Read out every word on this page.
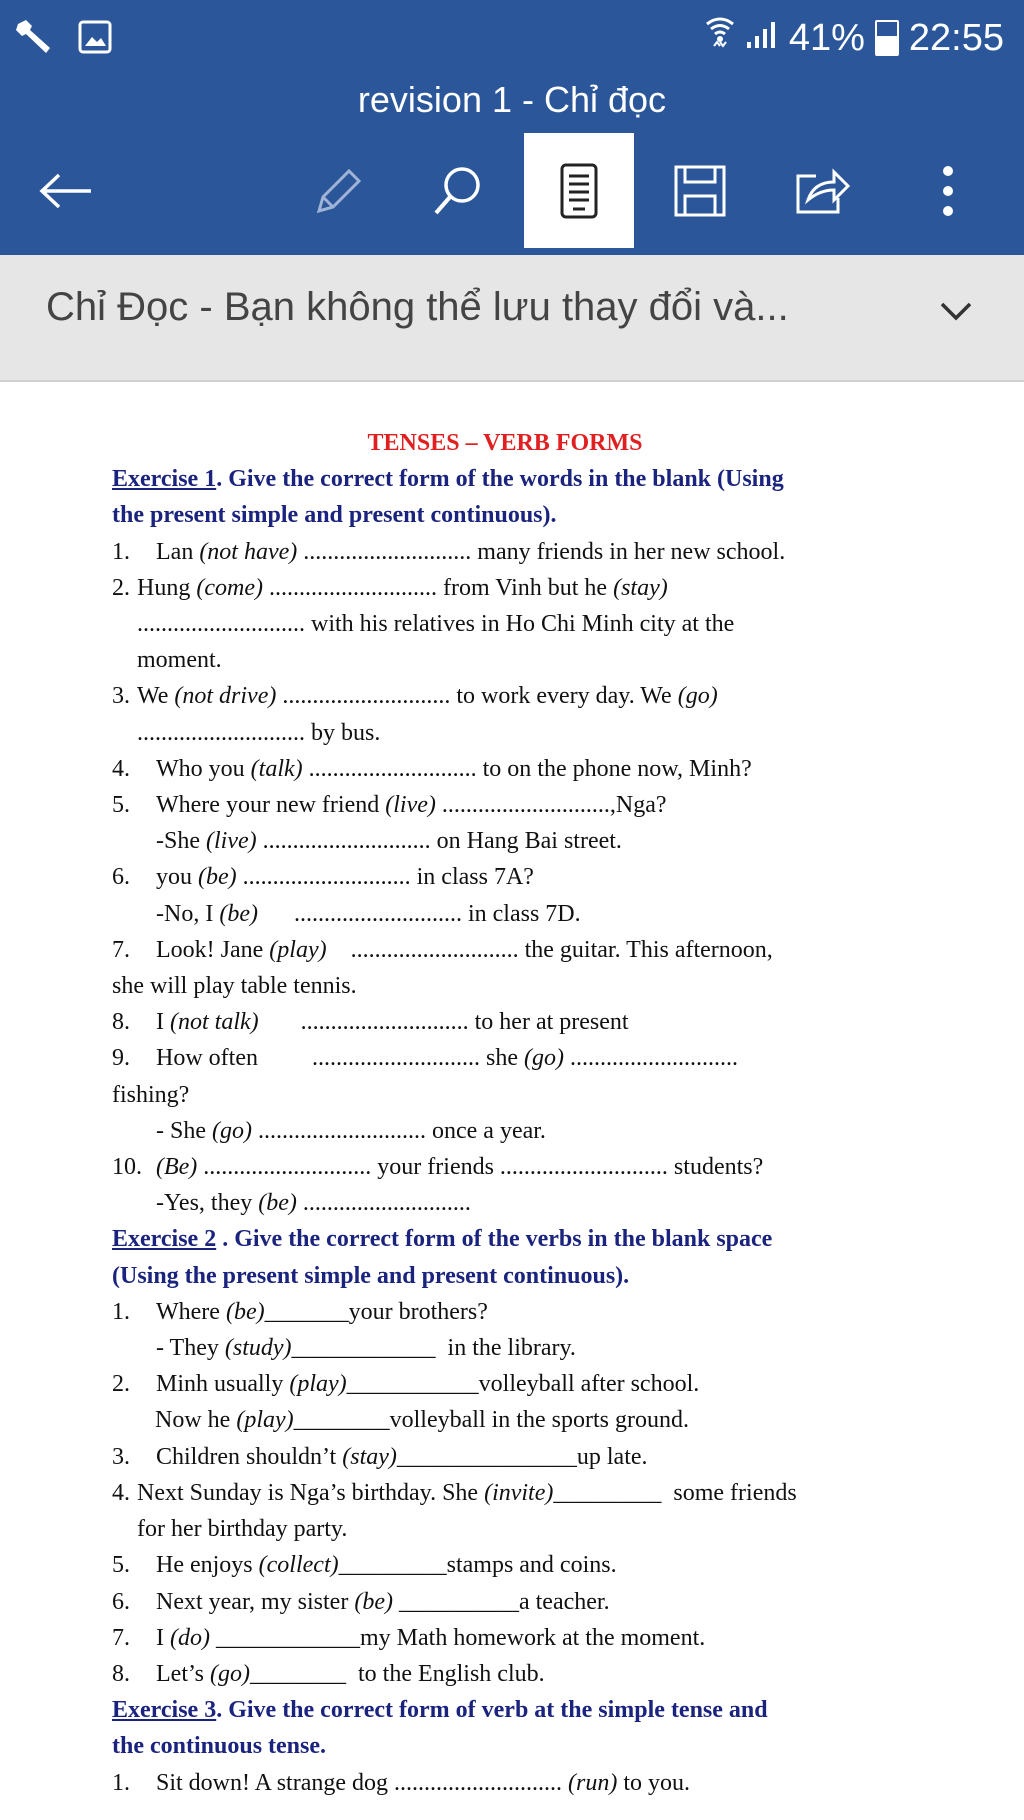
41% 22:55
revision 1 - Chỉ đọc
Chỉ Đọc - Bạn không thể lưu thay đổi và...
TENSES – VERB FORMS
Exercise 1. Give the correct form of the words in the blank (Using
the present simple and present continuous).
1. Lan (not have) ............................ many friends in her new school.
2. Hung (come) ............................ from Vinh but he (stay)
............................ with his relatives in Ho Chi Minh city at the
moment.
3. We (not drive) ............................ to work every day. We (go)
............................ by bus.
4. Who you (talk) ............................ to on the phone now, Minh?
5. Where your new friend (live) ............................,Nga?
-She (live) ............................ on Hang Bai street.
6. you (be) ............................ in class 7A?
-No, I (be)      ............................ in class 7D.
7. Look! Jane (play)    ............................ the guitar. This afternoon,
she will play table tennis.
8. I (not talk)       ............................ to her at present
9. How often         ............................ she (go) ............................
fishing?
- She (go) ............................ once a year.
10. (Be) ............................ your friends ............................ students?
-Yes, they (be) ............................
Exercise 2 . Give the correct form of the verbs in the blank space
(Using the present simple and present continuous).
1. Where (be)_______your brothers?
- They (study)____________  in the library.
2. Minh usually (play)___________volleyball after school.
Now he (play)________volleyball in the sports ground.
3. Children shouldn’t (stay)_______________up late.
4. Next Sunday is Nga’s birthday. She (invite)_________  some friends
for her birthday party.
5. He enjoys (collect)_________stamps and coins.
6. Next year, my sister (be) __________a teacher.
7. I (do) ____________my Math homework at the moment.
8. Let’s (go)________  to the English club.
Exercise 3. Give the correct form of verb at the simple tense and
the continuous tense.
1. Sit down! A strange dog ............................ (run) to you.
